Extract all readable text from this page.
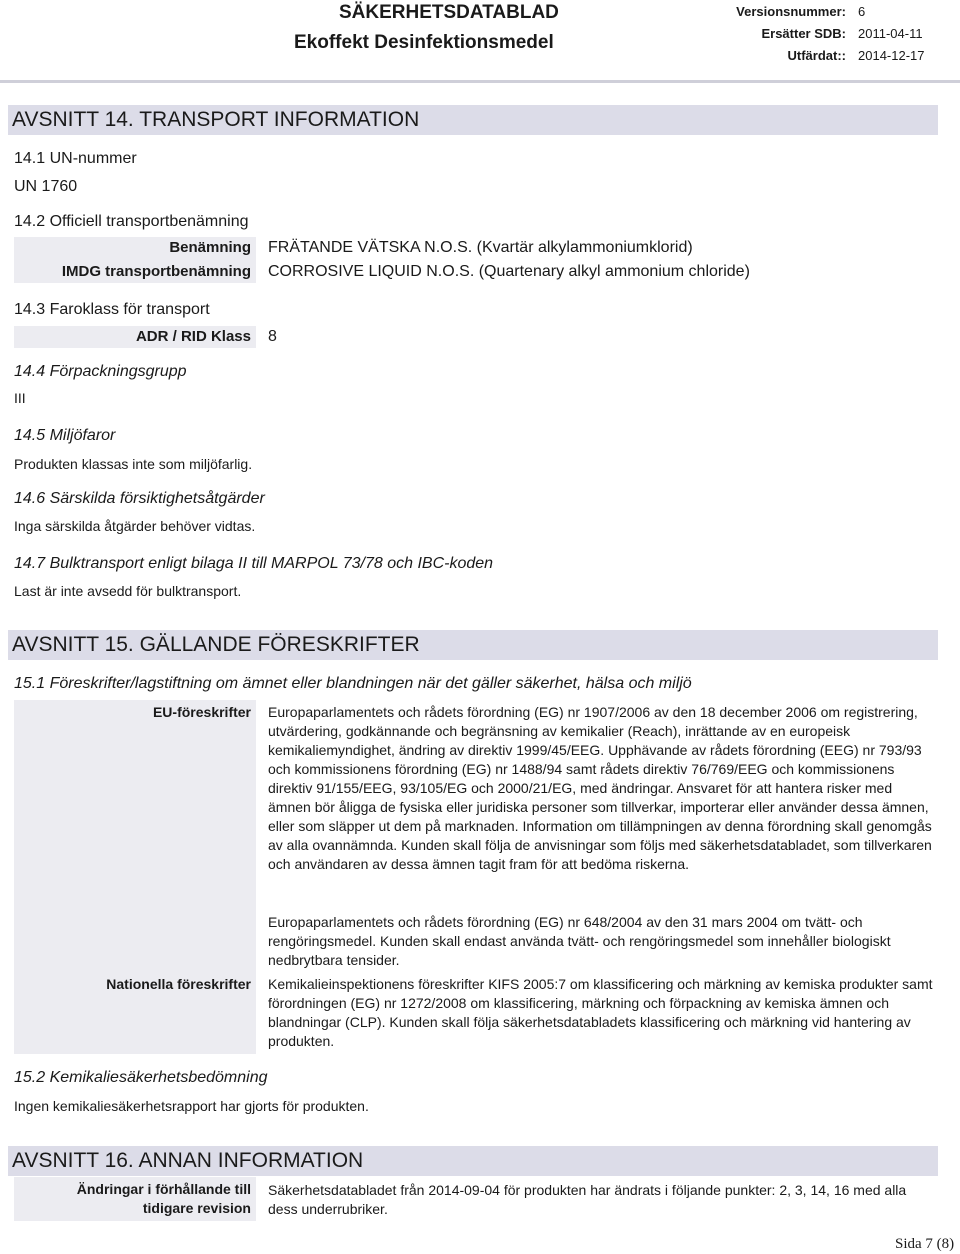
SÄKERHETSDATABLAD
Ekoffekt Desinfektionsmedel
Versionsnummer: 6
Ersätter SDB: 2011-04-11
Utfärdat:: 2014-12-17
AVSNITT 14. TRANSPORT INFORMATION
14.1 UN-nummer
UN 1760
14.2 Officiell transportbenämning
Benämning FRÄTANDE VÄTSKA N.O.S. (Kvartär alkylammoniumklorid)
IMDG transportbenämning CORROSIVE LIQUID N.O.S. (Quartenary alkyl ammonium chloride)
14.3 Faroklass för transport
ADR / RID Klass 8
14.4 Förpackningsgrupp
III
14.5 Miljöfaror
Produkten klassas inte som miljöfarlig.
14.6 Särskilda försiktighetsåtgärder
Inga särskilda åtgärder behöver vidtas.
14.7 Bulktransport enligt bilaga II till MARPOL 73/78 och IBC-koden
Last är inte avsedd för bulktransport.
AVSNITT 15. GÄLLANDE FÖRESKRIFTER
15.1 Föreskrifter/lagstiftning om ämnet eller blandningen när det gäller säkerhet, hälsa och miljö
EU-föreskrifter Europaparlamentets och rådets förordning (EG) nr 1907/2006 av den 18 december 2006 om registrering, utvärdering, godkännande och begränsning av kemikalier (Reach), inrättande av en europeisk kemikaliemyndighet, ändring av direktiv 1999/45/EEG. Upphävande av rådets förordning (EEG) nr 793/93 och kommissionens förordning (EG) nr 1488/94 samt rådets direktiv 76/769/EEG och kommissionens direktiv 91/155/EEG, 93/105/EG och 2000/21/EG, med ändringar. Ansvaret för att hantera risker med ämnen bör åligga de fysiska eller juridiska personer som tillverkar, importerar eller använder dessa ämnen, eller som släpper ut dem på marknaden. Information om tillämpningen av denna förordning skall genomgås av alla ovannämnda. Kunden skall följa de anvisningar som följs med säkerhetsdatabladet, som tillverkaren och användaren av dessa ämnen tagit fram för att bedöma riskerna.
Europaparlamentets och rådets förordning (EG) nr 648/2004 av den 31 mars 2004 om tvätt- och rengöringsmedel. Kunden skall endast använda tvätt- och rengöringsmedel som innehåller biologiskt nedbrytbara tensider.
Nationella föreskrifter Kemikalieinspektionens föreskrifter KIFS 2005:7 om klassificering och märkning av kemiska produkter samt förordningen (EG) nr 1272/2008 om klassificering, märkning och förpackning av kemiska ämnen och blandningar (CLP). Kunden skall följa säkerhetsdatabladets klassificering och märkning vid hantering av produkten.
15.2 Kemikaliesäkerhetsbedömning
Ingen kemikaliesäkerhetsrapport har gjorts för produkten.
AVSNITT 16. ANNAN INFORMATION
Ändringar i förhållande till
tidigare revision
Säkerhetsdatabladet från 2014-09-04 för produkten har ändrats i följande punkter: 2, 3, 14, 16 med alla dess underrubriker.
Sida 7 (8)
